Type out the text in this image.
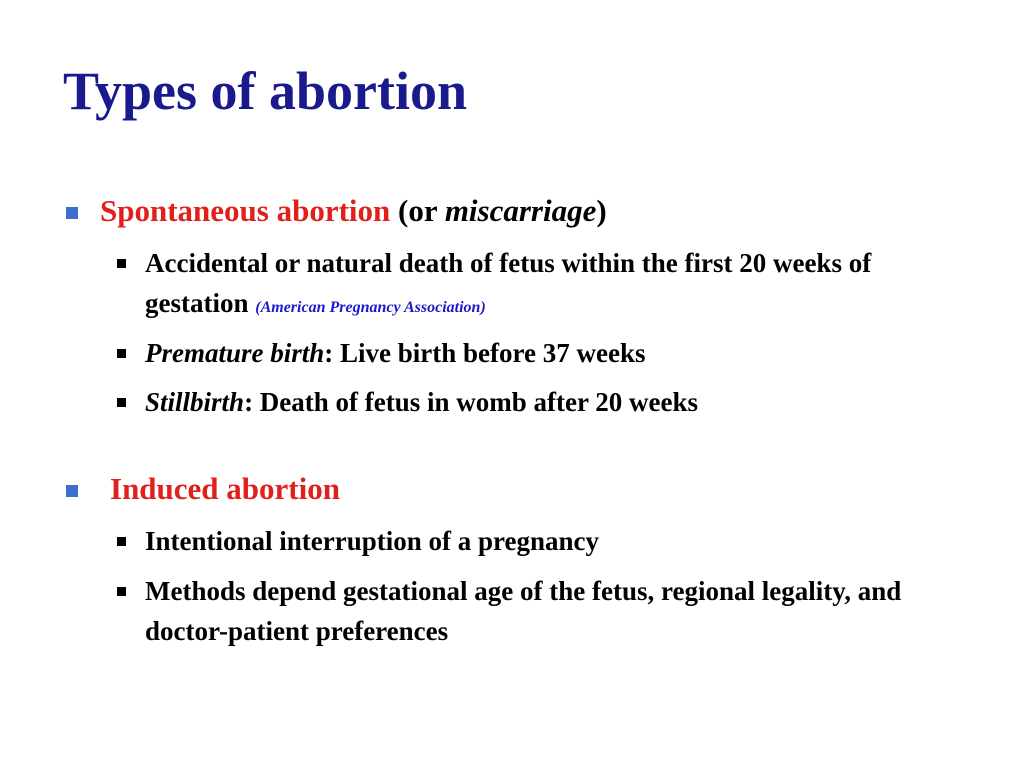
Types of abortion
Spontaneous abortion (or miscarriage)
Accidental or natural death of fetus within the first 20 weeks of gestation (American Pregnancy Association)
Premature birth: Live birth before 37 weeks
Stillbirth: Death of fetus in womb after 20 weeks
Induced abortion
Intentional interruption of a pregnancy
Methods depend gestational age of the fetus, regional legality, and doctor-patient preferences
